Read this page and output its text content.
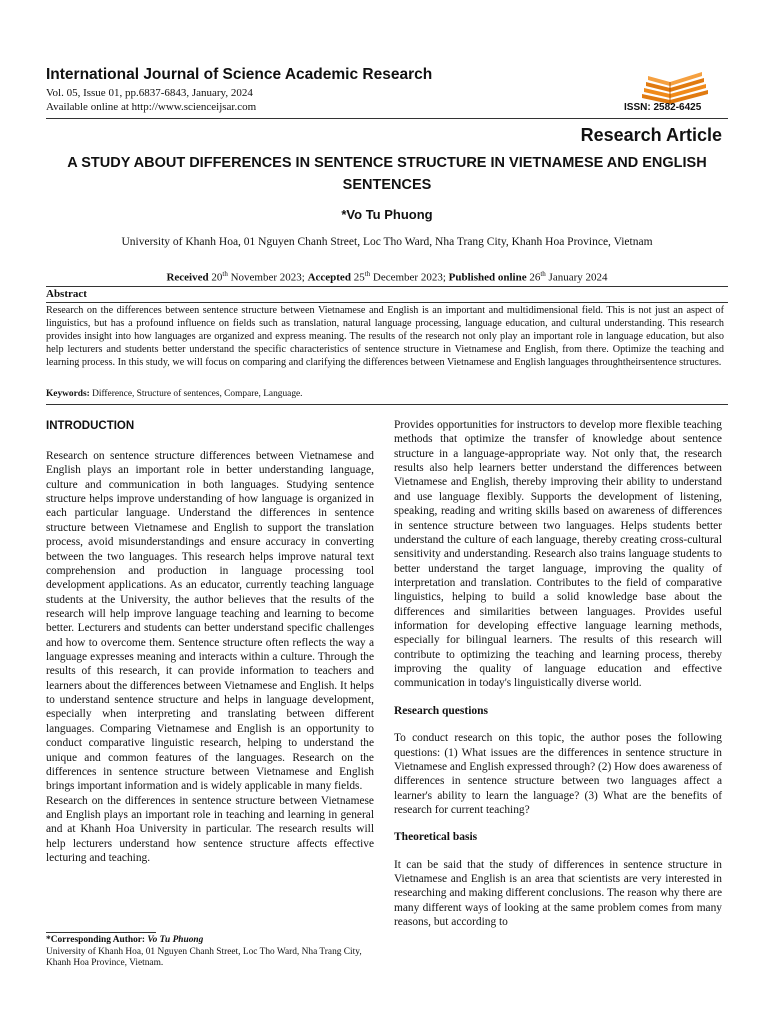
International Journal of Science Academic Research
Vol. 05, Issue 01, pp.6837-6843, January, 2024
Available online at http://www.scienceijsar.com	ISSN: 2582-6425
Research Article
A STUDY ABOUT DIFFERENCES IN SENTENCE STRUCTURE IN VIETNAMESE AND ENGLISH SENTENCES
*Vo Tu Phuong
University of Khanh Hoa, 01 Nguyen Chanh Street, Loc Tho Ward, Nha Trang City, Khanh Hoa Province, Vietnam
Received 20th November 2023; Accepted 25th December 2023; Published online 26th January 2024
Abstract
Research on the differences between sentence structure between Vietnamese and English is an important and multidimensional field. This is not just an aspect of linguistics, but has a profound influence on fields such as translation, natural language processing, language education, and cultural understanding. This research provides insight into how languages are organized and express meaning. The results of the research not only play an important role in language education, but also help lecturers and students better understand the specific characteristics of sentence structure in Vietnamese and English, from there. Optimize the teaching and learning process. In this study, we will focus on comparing and clarifying the differences between Vietnamese and English languages throughtheirsentence structures.
Keywords: Difference, Structure of sentences, Compare, Language.
INTRODUCTION

Research on sentence structure differences between Vietnamese and English plays an important role in better understanding language, culture and communication in both languages. Studying sentence structure helps improve understanding of how language is organized in each particular language. Understand the differences in sentence structure between Vietnamese and English to support the translation process, avoid misunderstandings and ensure accuracy in converting between the two languages. This research helps improve natural text comprehension and production in language processing tool development applications. As an educator, currently teaching language students at the University, the author believes that the results of the research will help improve language teaching and learning to become better. Lecturers and students can better understand specific challenges and how to overcome them. Sentence structure often reflects the way a language expresses meaning and interacts within a culture. Through the results of this research, it can provide information to teachers and learners about the differences between Vietnamese and English. It helps to understand sentence structure and helps in language development, especially when interpreting and translating between different languages. Comparing Vietnamese and English is an opportunity to conduct comparative linguistic research, helping to understand the unique and common features of the languages. Research on the differences in sentence structure between Vietnamese and English brings important information and is widely applicable in many fields.

Research on the differences in sentence structure between Vietnamese and English plays an important role in teaching and learning in general and at Khanh Hoa University in particular. The research results will help lecturers understand how sentence structure affects effective lecturing and teaching.

*Corresponding Author: Vo Tu Phuong
University of Khanh Hoa, 01 Nguyen Chanh Street, Loc Tho Ward, Nha Trang City, Khanh Hoa Province, Vietnam.

Provides opportunities for instructors to develop more flexible teaching methods that optimize the transfer of knowledge about sentence structure in a language-appropriate way. Not only that, the research results also help learners better understand the differences between Vietnamese and English, thereby improving their ability to understand and use language flexibly. Supports the development of listening, speaking, reading and writing skills based on awareness of differences in sentence structure between two languages. Helps students better understand the culture of each language, thereby creating cross-cultural sensitivity and understanding. Research also trains language students to better understand the target language, improving the quality of interpretation and translation. Contributes to the field of comparative linguistics, helping to build a solid knowledge base about the differences and similarities between languages. Provides useful information for developing effective language learning methods, especially for bilingual learners. The results of this research will contribute to optimizing the teaching and learning process, thereby improving the quality of language education and effective communication in today's linguistically diverse world.

Research questions

To conduct research on this topic, the author poses the following questions: (1) What issues are the differences in sentence structure in Vietnamese and English expressed through? (2) How does awareness of differences in sentence structure between two languages affect a learner's ability to learn the language? (3) What are the benefits of research for current teaching?

Theoretical basis

It can be said that the study of differences in sentence structure in Vietnamese and English is an area that scientists are very interested in researching and making different conclusions. The reason why there are many different ways of looking at the same problem comes from many reasons, but according to
